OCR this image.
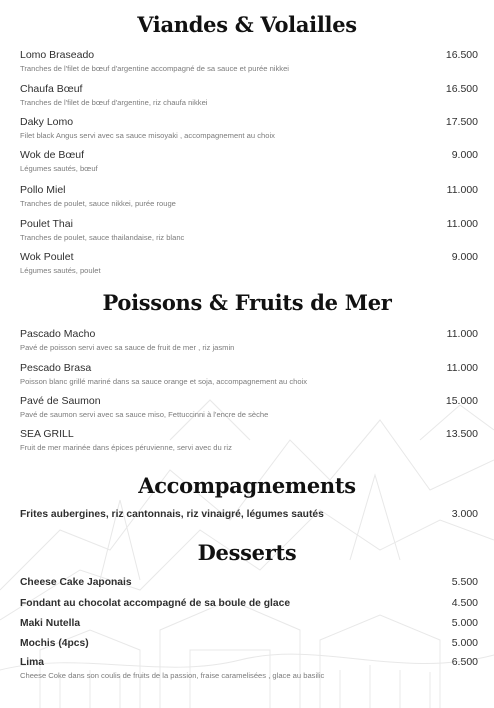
Viandes & Volailles
Lomo Braseado	16.500
Tranches de l'filet de bœuf d'argentine accompagné de sa sauce et purée nikkei
Chaufa Bœuf	16.500
Tranches de l'filet de bœuf d'argentine, riz chaufa nikkei
Daky Lomo	17.500
Filet black Angus servi avec sa sauce misoyaki , accompagnement au choix
Wok de Bœuf	9.000
Légumes sautés, bœuf
Pollo Miel	11.000
Tranches de poulet, sauce nikkei, purée rouge
Poulet Thai	11.000
Tranches de poulet, sauce thailandaise, riz blanc
Wok Poulet	9.000
Légumes sautés, poulet
Poissons & Fruits de Mer
Pascado Macho	11.000
Pavé de poisson servi avec sa sauce de fruit de mer , riz jasmin
Pescado Brasa	11.000
Poisson blanc grillé mariné dans sa sauce orange et soja, accompagnement au choix
Pavé de Saumon	15.000
Pavé de saumon servi avec sa sauce miso, Fettuccinni à l'encre de sèche
SEA GRILL	13.500
Fruit de mer marinée dans épices péruvienne, servi avec du riz
Accompagnements
Frites aubergines, riz cantonnais, riz vinaigré, légumes sautés	3.000
Desserts
Cheese Cake Japonais	5.500
Fondant au chocolat accompagné de sa boule de glace	4.500
Maki Nutella	5.000
Mochis (4pcs)	5.000
Lima	6.500
Cheese Coke dans son coulis de fruits de la passion, fraise caramelisées , glace au basilic
